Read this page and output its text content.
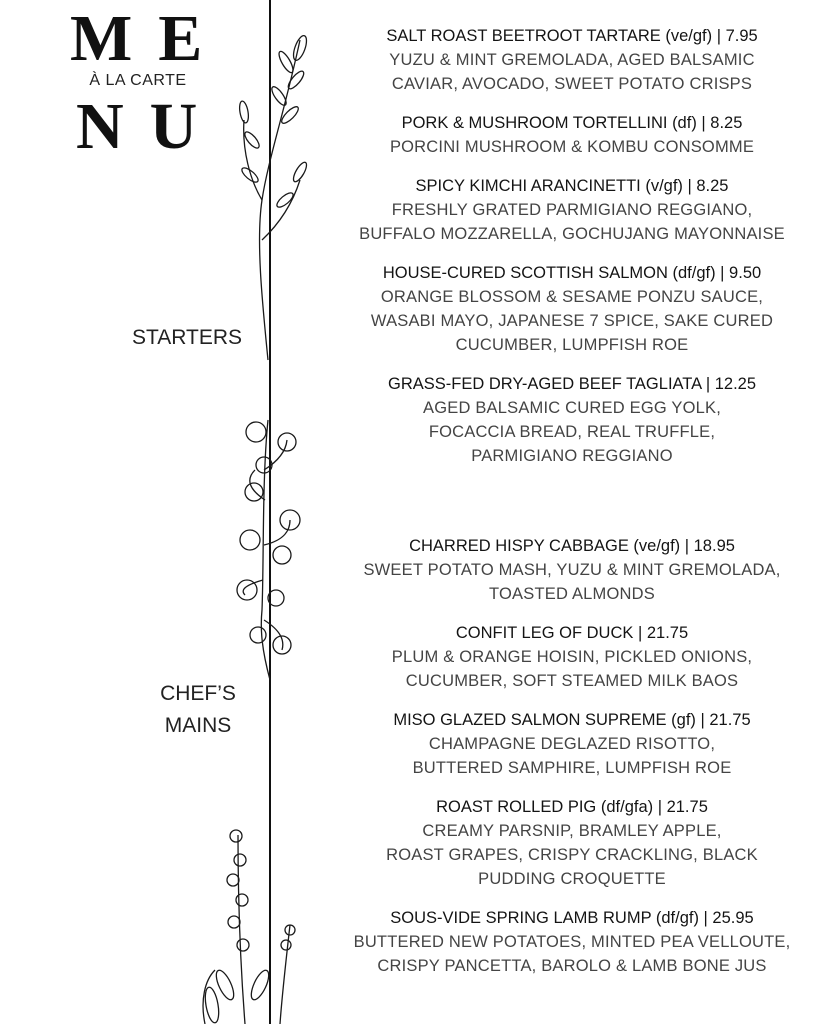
ME
À LA CARTE
NU
STARTERS
CHEF’S
MAINS
SALT ROAST BEETROOT TARTARE (ve/gf) | 7.95
YUZU & MINT GREMOLADA, AGED BALSAMIC
CAVIAR, AVOCADO, SWEET POTATO CRISPS
PORK & MUSHROOM TORTELLINI (df) | 8.25
PORCINI MUSHROOM & KOMBU CONSOMME
SPICY KIMCHI ARANCINETTI (v/gf) | 8.25
FRESHLY GRATED PARMIGIANO REGGIANO,
BUFFALO MOZZARELLA, GOCHUJANG MAYONNAISE
HOUSE-CURED SCOTTISH SALMON (df/gf) | 9.50
ORANGE BLOSSOM & SESAME PONZU SAUCE,
WASABI MAYO, JAPANESE 7 SPICE, SAKE CURED
CUCUMBER, LUMPFISH ROE
GRASS-FED DRY-AGED BEEF TAGLIATA | 12.25
AGED BALSAMIC CURED EGG YOLK,
FOCACCIA BREAD, REAL TRUFFLE,
PARMIGIANO REGGIANO
CHARRED HISPY CABBAGE (ve/gf) | 18.95
SWEET POTATO MASH, YUZU & MINT GREMOLADA,
TOASTED ALMONDS
CONFIT LEG OF DUCK | 21.75
PLUM & ORANGE HOISIN, PICKLED ONIONS,
CUCUMBER, SOFT STEAMED MILK BAOS
MISO GLAZED SALMON SUPREME (gf) | 21.75
CHAMPAGNE DEGLAZED RISOTTO,
BUTTERED SAMPHIRE, LUMPFISH ROE
ROAST ROLLED PIG (df/gfa) | 21.75
CREAMY PARSNIP, BRAMLEY APPLE,
ROAST GRAPES, CRISPY CRACKLING, BLACK
PUDDING CROQUETTE
SOUS-VIDE SPRING LAMB RUMP (df/gf) | 25.95
BUTTERED NEW POTATOES, MINTED PEA VELLOUTE,
CRISPY PANCETTA, BAROLO & LAMB BONE JUS
